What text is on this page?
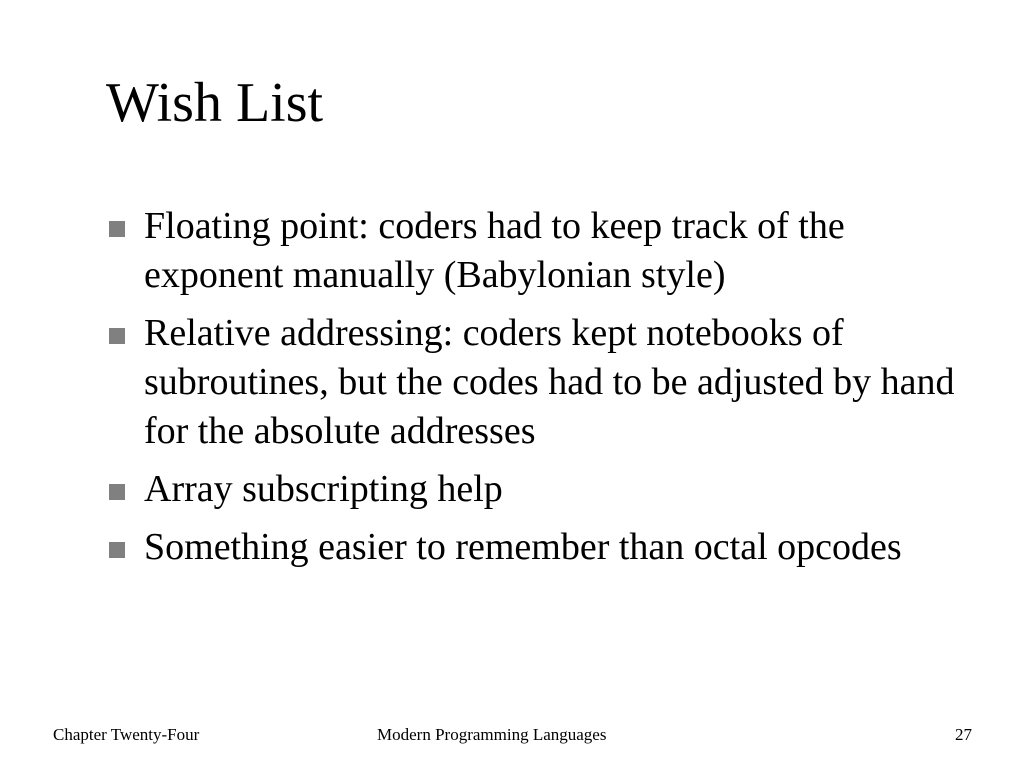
Wish List
Floating point: coders had to keep track of the exponent manually (Babylonian style)
Relative addressing: coders kept notebooks of subroutines, but the codes had to be adjusted by hand for the absolute addresses
Array subscripting help
Something easier to remember than octal opcodes
Chapter Twenty-Four	Modern Programming Languages	27
